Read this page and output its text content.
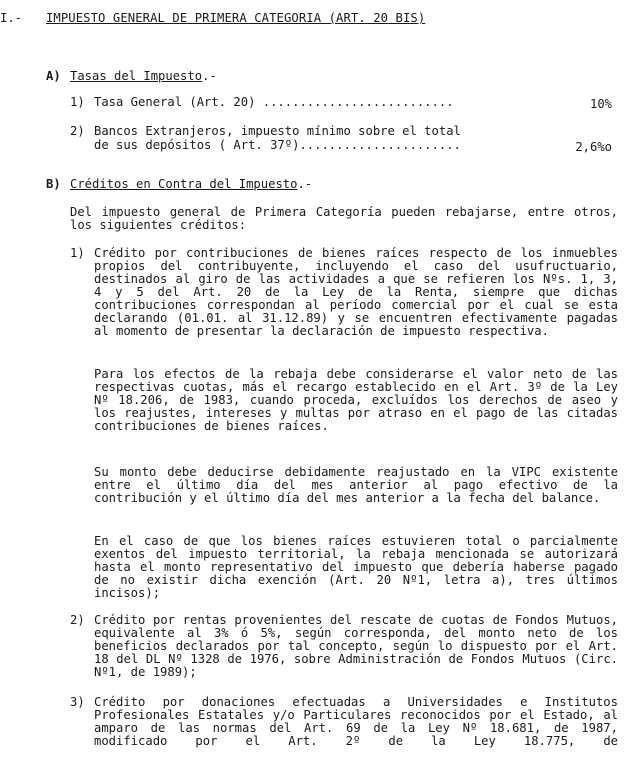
I.- IMPUESTO GENERAL DE PRIMERA CATEGORIA (ART. 20 BIS)
A) Tasas del Impuesto.-
1) Tasa General (Art. 20) ..........................	10%
2) Bancos Extranjeros, impuesto mínimo sobre el total
de sus depósitos ( Art. 37º)......................	2,6%o
B) Créditos en Contra del Impuesto.-
Del impuesto general de Primera Categoría pueden rebajarse, entre otros, los siguientes créditos:
1) Crédito por contribuciones de bienes raíces respecto de los inmuebles propios del contribuyente, incluyendo el caso del usufructuario, destinados al giro de las actividades a que se refieren los Nºs. 1, 3, 4 y 5 del Art. 20 de la Ley de la Renta, siempre que dichas contribuciones correspondan al período comercial por el cual se esta declarando (01.01. al 31.12.89) y se encuentren efectivamente pagadas al momento de presentar la declaración de impuesto respectiva.
Para los efectos de la rebaja debe considerarse el valor neto de las respectivas cuotas, más el recargo establecido en el Art. 3º de la Ley Nº 18.206, de 1983, cuando proceda, excluídos los derechos de aseo y los reajustes, intereses y multas por atraso en el pago de las citadas contribuciones de bienes raíces.
Su monto debe deducirse debidamente reajustado en la VIPC existente entre el último día del mes anterior al pago efectivo de la contribución y el último día del mes anterior a la fecha del balance.
En el caso de que los bienes raíces estuvieren total o parcialmente exentos del impuesto territorial, la rebaja mencionada se autorizará hasta el monto representativo del impuesto que debería haberse pagado de no existir dicha exención (Art. 20 Nº1, letra a), tres últimos incisos);
2) Crédito por rentas provenientes del rescate de cuotas de Fondos Mutuos, equivalente al 3% ó 5%, según corresponda, del monto neto de los beneficios declarados por tal concepto, según lo dispuesto por el Art. 18 del DL Nº 1328 de 1976, sobre Administración de Fondos Mutuos (Circ. Nº1, de 1989);
3) Crédito por donaciones efectuadas a Universidades e Institutos Profesionales Estatales y/o Particulares reconocidos por el Estado, al amparo de las normas del Art. 69 de la Ley Nº 18.681, de 1987, modificado por el Art. 2º de la Ley 18.775, de
